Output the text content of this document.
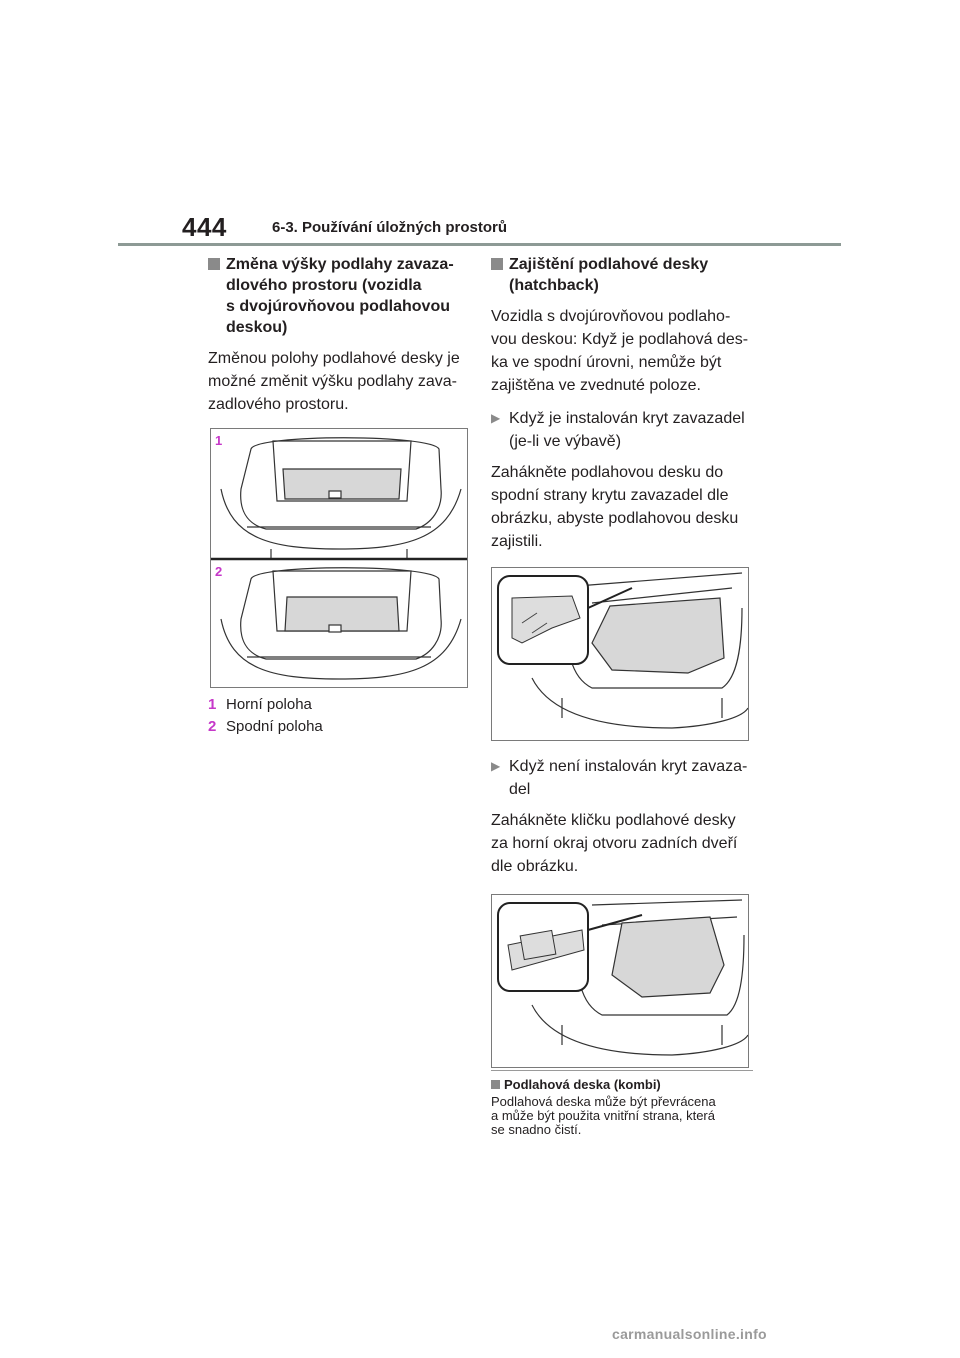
444	6-3. Používání úložných prostorů
Změna výšky podlahy zavaza-
dlového prostoru (vozidla
s dvojúrovňovou podlahovou
deskou)
Změnou polohy podlahové desky je
možné změnit výšku podlahy zava-
zadlového prostoru.
1
2
1 Horní poloha
2 Spodní poloha
Zajištění podlahové desky
(hatchback)
Vozidla s dvojúrovňovou podlaho-
vou deskou: Když je podlahová des-
ka ve spodní úrovni, nemůže být
zajištěna ve zvednuté poloze.
▶ Když je instalován kryt zavazadel
(je-li ve výbavě)
Zahákněte podlahovou desku do
spodní strany krytu zavazadel dle
obrázku, abyste podlahovou desku
zajistili.
▶ Když není instalován kryt zavaza-
del
Zahákněte kličku podlahové desky
za horní okraj otvoru zadních dveří
dle obrázku.
Podlahová deska (kombi)
Podlahová deska může být převrácena
a může být použita vnitřní strana, která
se snadno čistí.
carmanualsonline.info
